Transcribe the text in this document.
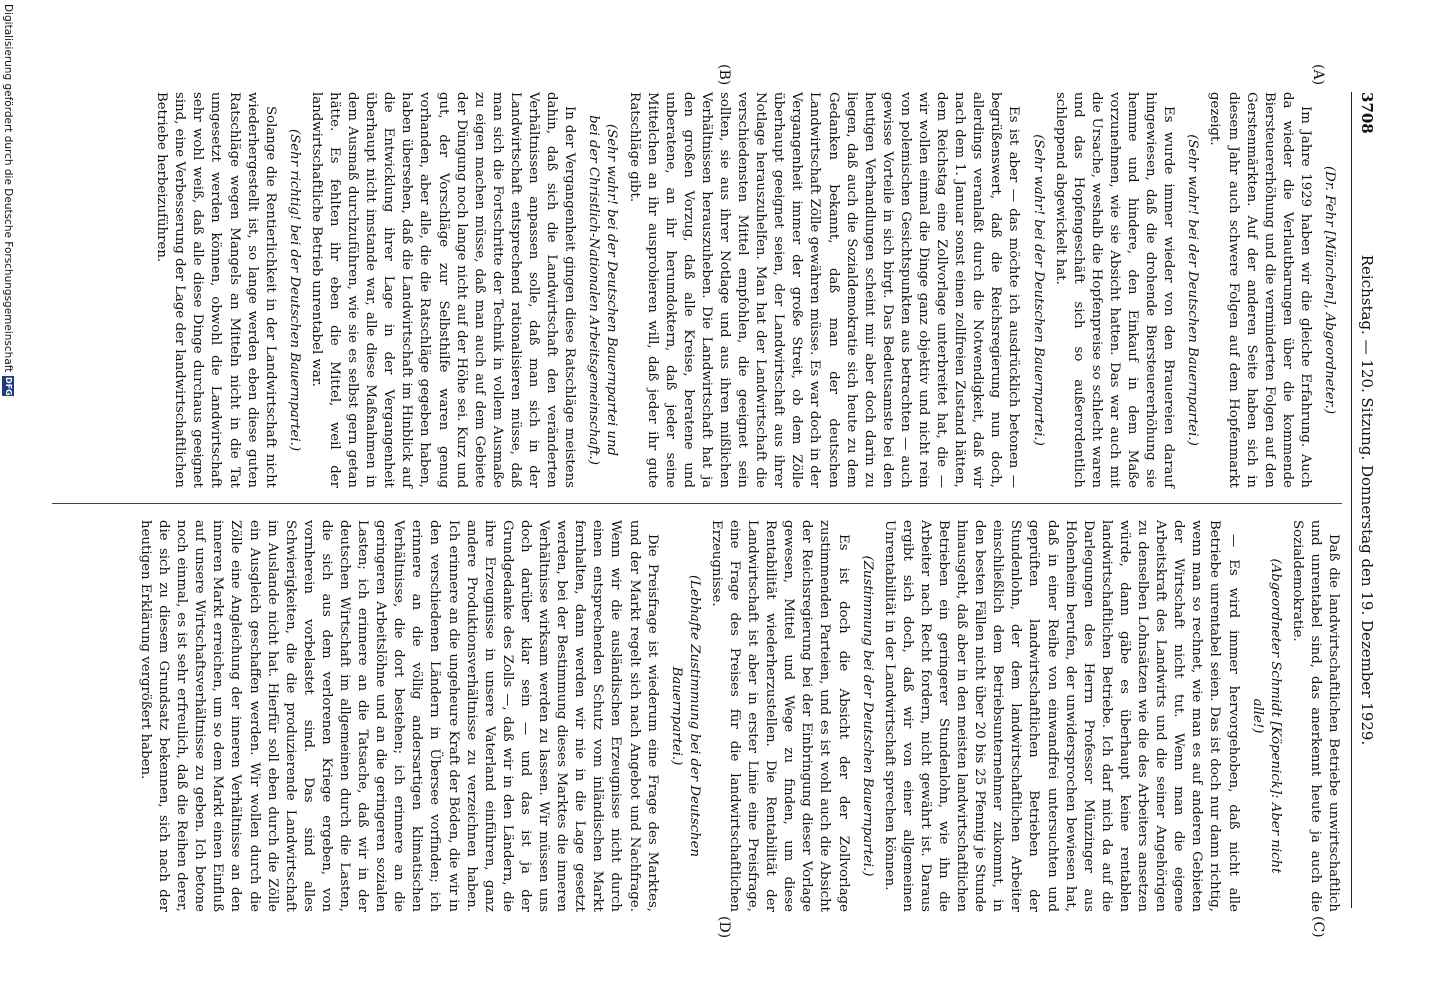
3708
Reichstag. — 120. Sitzung. Donnerstag den 19. Dezember 1929.
(A)
(B)
(C)
(D)

(Dr. Fehr [München], Abgeordneter.)

Im Jahre 1929 haben wir die gleiche Erfahrung. Auch da wieder die Verlautbarungen über die kommende Biersteuererhöhung und die verminderten Folgen auf den Gerstenmärkten. Auf der anderen Seite haben sich in diesem Jahr auch schwere Folgen auf dem Hopfenmarkt gezeigt.

(Sehr wahr! bei der Deutschen Bauernpartei.)

Es wurde immer wieder von den Brauereien darauf hingewiesen, daß die drohende Biersteuererhöhung sie hemme und hindere, den Einkauf in dem Maße vorzunehmen, wie sie Absicht hatten. Das war auch mit die Ursache, weshalb die Hopfenpreise so schlecht waren und das Hopfengeschäft sich so außerordentlich schleppend abgewickelt hat.

(Sehr wahr! bei der Deutschen Bauernpartei.)

Es ist aber — das möchte ich ausdrücklich betonen — begrüßenswert, daß die Reichsregierung nun doch, allerdings veranlaßt durch die Notwendigkeit, daß wir nach dem 1. Januar sonst einen zollfreien Zustand hätten, dem Reichstag eine Zollvorlage unterbreitet hat, die — wir wollen einmal die Dinge ganz objektiv und nicht rein von polemischen Gesichtspunkten aus betrachten — auch gewisse Vorteile in sich birgt. Das Bedeutsamste bei den heutigen Verhandlungen scheint mir aber doch darin zu liegen, daß auch die Sozialdemokratie sich heute zu dem Gedanken bekannt, daß man der deutschen Landwirtschaft Zölle gewähren müsse. Es war doch in der Vergangenheit immer der große Streit, ob dem Zölle überhaupt geeignet seien, der Landwirtschaft aus ihrer Notlage herauszuhelfen. Man hat der Landwirtschaft die verschiedensten Mittel empfohlen, die geeignet sein sollten, sie aus ihrer Notlage und aus ihren mißlichen Verhältnissen herauszuheben. Die Landwirtschaft hat ja den großen Vorzug, daß alle Kreise, beratene und unberatene, an ihr herumdoktern, daß jeder seine Mittelchen an ihr ausprobieren will, daß jeder ihr gute Ratschläge gibt.

(Sehr wahr! bei der Deutschen Bauernpartei und bei der Christlich-Nationalen Arbeitsgemeinschaft.)

In der Vergangenheit gingen diese Ratschläge meistens dahin, daß sich die Landwirtschaft den veränderten Verhältnissen anpassen solle, daß man sich in der Landwirtschaft entsprechend rationalisieren müsse, daß man sich die Fortschritte der Technik in vollem Ausmaße zu eigen machen müsse, daß man auch auf dem Gebiete der Düngung noch lange nicht auf der Höhe sei. Kurz und gut, der Vorschläge zur Selbsthilfe waren genug vorhanden, aber alle, die die Ratschläge gegeben haben, haben übersehen, daß die Landwirtschaft im Hinblick auf die Entwicklung ihrer Lage in der Vergangenheit überhaupt nicht imstande war, alle diese Maßnahmen in dem Ausmaß durchzuführen, wie sie es selbst gern getan hätte. Es fehlten ihr eben die Mittel, weil der landwirtschaftliche Betrieb unrentabel war.

(Sehr richtig! bei der Deutschen Bauernpartei.)

Solange die Rentierlichkeit in der Landwirtschaft nicht wiederhergestellt ist, so lange werden eben diese guten Ratschläge wegen Mangels an Mitteln nicht in die Tat umgesetzt werden können, obwohl die Landwirtschaft sehr wohl weiß, daß alle diese Dinge durchaus geeignet sind, eine Verbesserung der Lage der landwirtschaftlichen Betriebe herbeizuführen.

Daß die landwirtschaftlichen Betriebe unwirtschaftlich und unrentabel sind, das anerkennt heute ja auch die Sozialdemokratie.

(Abgeordneter Schmidt [Köpenick]: Aber nicht alle!)

— Es wird immer hervorgehoben, daß nicht alle Betriebe unrentabel seien. Das ist doch nur dann richtig, wenn man so rechnet, wie man es auf anderen Gebieten der Wirtschaft nicht tut. Wenn man die eigene Arbeitskraft des Landwirts und die seiner Angehörigen zu denselben Lohnsätzen wie die des Arbeiters ansetzen würde, dann gäbe es überhaupt keine rentablen landwirtschaftlichen Betriebe. Ich darf mich da auf die Darlegungen des Herrn Professor Münzinger aus Hohenheim berufen, der unwidersprochen bewiesen hat, daß in einer Reihe von einwandfrei untersuchten und geprüften landwirtschaftlichen Betrieben der Stundenlohn, der dem landwirtschaftlichen Arbeiter einschließlich dem Betriebsunternehmer zukommt, in den besten Fällen nicht über 20 bis 25 Pfennig je Stunde hinausgeht, daß aber in den meisten landwirtschaftlichen Betrieben ein geringerer Stundenlohn, wie ihn die Arbeiter nach Recht fordern, nicht gewährt ist. Daraus ergibt sich doch, daß wir von einer allgemeinen Unrentabilität in der Landwirtschaft sprechen können.

(Zustimmung bei der Deutschen Bauernpartei.)

Es ist doch die Absicht der der Zollvorlage zustimmenden Parteien, und es ist wohl auch die Absicht der Reichsregierung bei der Einbringung dieser Vorlage gewesen, Mittel und Wege zu finden, um diese Rentabilität wiederherzustellen. Die Rentabilität der Landwirtschaft ist aber in erster Linie eine Preisfrage, eine Frage des Preises für die landwirtschaftlichen Erzeugnisse.

(Lebhafte Zustimmung bei der Deutschen Bauernpartei.)

Die Preisfrage ist wiederum eine Frage des Marktes, und der Markt regelt sich nach Angebot und Nachfrage. Wenn wir die ausländischen Erzeugnisse nicht durch einen entsprechenden Schutz vom inländischen Markt fernhalten, dann werden wir nie in die Lage gesetzt werden, bei der Bestimmung dieses Marktes die inneren Verhältnisse wirksam werden zu lassen. Wir müssen uns doch darüber klar sein — und das ist ja der Grundgedanke des Zolls —, daß wir in den Ländern, die ihre Erzeugnisse in unsere Vaterland einführen, ganz andere Produktionsverhältnisse zu verzeichnen haben. Ich erinnere an die ungeheure Kraft der Böden, die wir in den verschiedenen Ländern in Übersee vorfinden; ich erinnere an die völlig andersartigen klimatischen Verhältnisse, die dort bestehen; ich erinnere an die geringeren Arbeitslöhne und an die geringeren sozialen Lasten; ich erinnere an die Tatsache, daß wir in der deutschen Wirtschaft im allgemeinen durch die Lasten, die sich aus dem verlorenen Kriege ergeben, von vornherein vorbelastet sind. Das sind alles Schwierigkeiten, die die produzierende Landwirtschaft im Auslande nicht hat. Hierfür soll eben durch die Zölle ein Ausgleich geschaffen werden. Wir wollen durch die Zölle eine Angleichung der inneren Verhältnisse an den inneren Markt erreichen, um so dem Markt einen Einfluß auf unsere Wirtschaftsverhältnisse zu geben. Ich betone noch einmal, es ist sehr erfreulich, daß die Reihen derer, die sich zu diesem Grundsatz bekennen, sich nach der heutigen Erklärung vergrößert haben.

Digitalisierung gefördert durch die Deutsche Forschungsgemeinschaft
DFG
